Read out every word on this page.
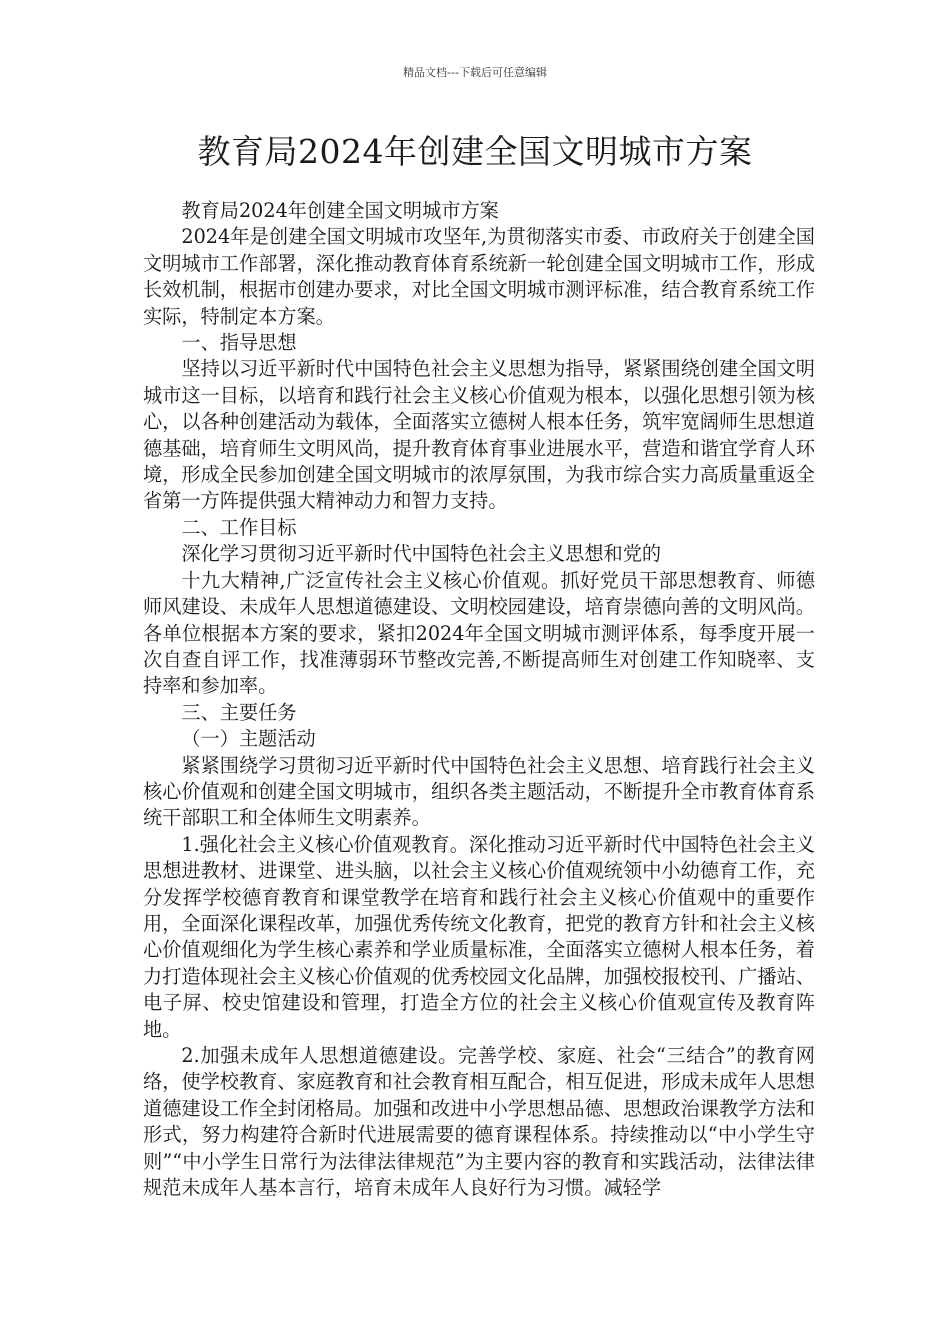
精品文档---下载后可任意编辑
教育局2024年创建全国文明城市方案

教育局2024年创建全国文明城市方案

2024年是创建全国文明城市攻坚年,为贯彻落实市委、市政府关于创建全国文明城市工作部署，深化推动教育体育系统新一轮创建全国文明城市工作，形成长效机制，根据市创建办要求，对比全国文明城市测评标准，结合教育系统工作实际，特制定本方案。

一、指导思想

坚持以习近平新时代中国特色社会主义思想为指导，紧紧围绕创建全国文明城市这一目标，以培育和践行社会主义核心价值观为根本，以强化思想引领为核心，以各种创建活动为载体，全面落实立德树人根本任务，筑牢宽阔师生思想道德基础，培育师生文明风尚，提升教育体育事业进展水平，营造和谐宜学育人环境，形成全民参加创建全国文明城市的浓厚氛围，为我市综合实力高质量重返全省第一方阵提供强大精神动力和智力支持。

二、工作目标

深化学习贯彻习近平新时代中国特色社会主义思想和党的

十九大精神,广泛宣传社会主义核心价值观。抓好党员干部思想教育、师德师风建设、未成年人思想道德建设、文明校园建设，培育崇德向善的文明风尚。各单位根据本方案的要求，紧扣2024年全国文明城市测评体系，每季度开展一次自查自评工作，找准薄弱环节整改完善,不断提高师生对创建工作知晓率、支持率和参加率。

三、主要任务

（一）主题活动

紧紧围绕学习贯彻习近平新时代中国特色社会主义思想、培育践行社会主义核心价值观和创建全国文明城市，组织各类主题活动，不断提升全市教育体育系统干部职工和全体师生文明素养。

1.强化社会主义核心价值观教育。深化推动习近平新时代中国特色社会主义思想进教材、进课堂、进头脑，以社会主义核心价值观统领中小幼德育工作，充分发挥学校德育教育和课堂教学在培育和践行社会主义核心价值观中的重要作用，全面深化课程改革，加强优秀传统文化教育，把党的教育方针和社会主义核心价值观细化为学生核心素养和学业质量标准，全面落实立德树人根本任务，着力打造体现社会主义核心价值观的优秀校园文化品牌，加强校报校刊、广播站、电子屏、校史馆建设和管理，打造全方位的社会主义核心价值观宣传及教育阵地。

2.加强未成年人思想道德建设。完善学校、家庭、社会“三结合”的教育网络，使学校教育、家庭教育和社会教育相互配合，相互促进，形成未成年人思想道德建设工作全封闭格局。加强和改进中小学思想品德、思想政治课教学方法和形式，努力构建符合新时代进展需要的德育课程体系。持续推动以“中小学生守则”“中小学生日常行为法律法律规范”为主要内容的教育和实践活动，法律法律规范未成年人基本言行，培育未成年人良好行为习惯。减轻学
